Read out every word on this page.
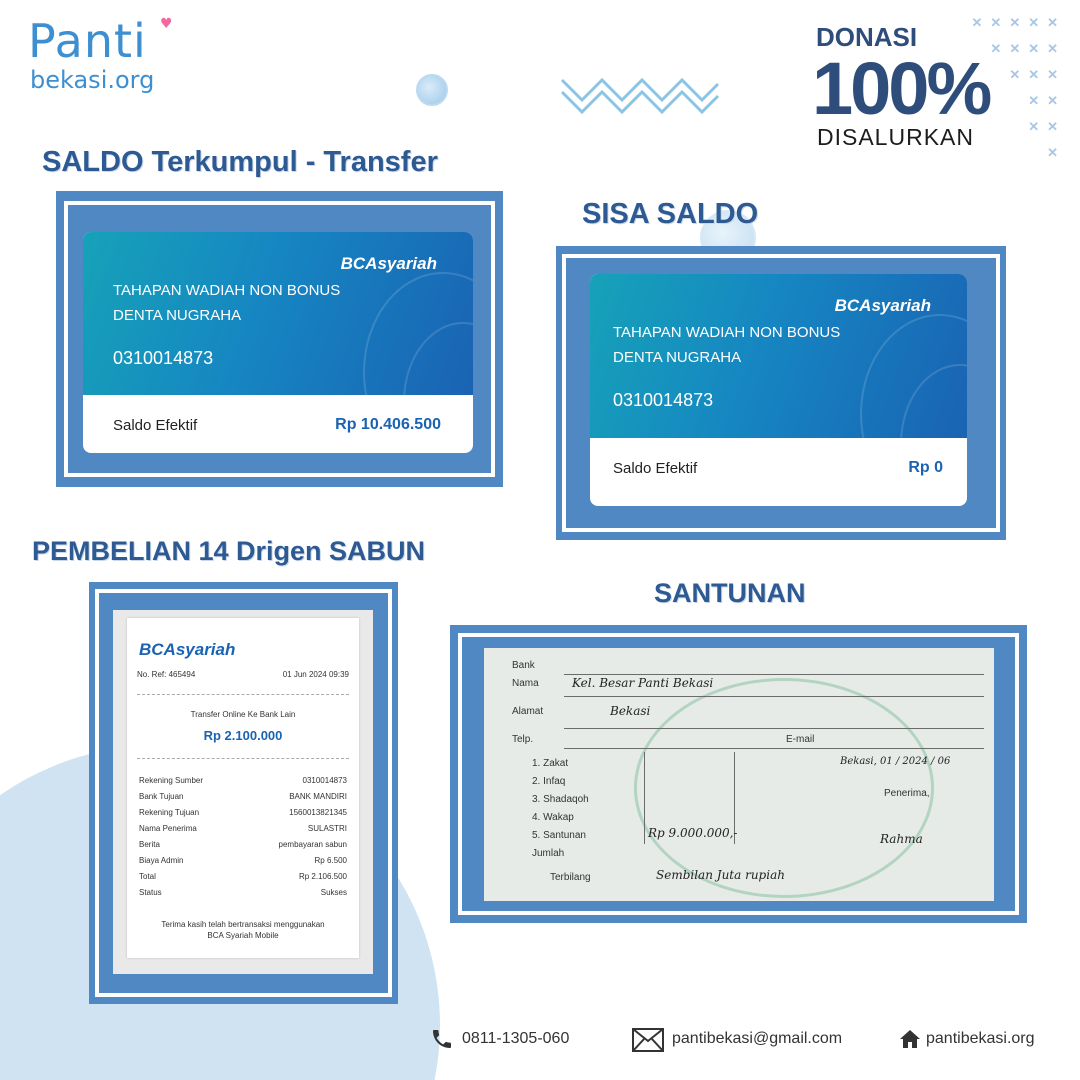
Panti ♥
bekasi.org
DONASI
100%
DISALURKAN
✕✕✕✕✕
✕✕✕✕
✕✕✕
✕✕
✕✕
✕
SALDO Terkumpul - Transfer
BCAsyariah
TAHAPAN WADIAH NON BONUS
DENTA NUGRAHA
0310014873
Saldo Efektif	Rp 10.406.500
SISA SALDO
BCAsyariah
TAHAPAN WADIAH NON BONUS
DENTA NUGRAHA
0310014873
Saldo Efektif	Rp 0
PEMBELIAN 14 Drigen SABUN
BCAsyariah
No. Ref: 465494	01 Jun 2024 09:39
Transfer Online Ke Bank Lain
Rp 2.100.000
Rekening Sumber	0310014873
Bank Tujuan	BANK MANDIRI
Rekening Tujuan	1560013821345
Nama Penerima	SULASTRI
Berita	pembayaran sabun
Biaya Admin	Rp 6.500
Total	Rp 2.106.500
Status	Sukses
Terima kasih telah bertransaksi menggunakan
BCA Syariah Mobile
SANTUNAN
Bank
Nama	Kel. Besar Panti Bekasi
Alamat	Bekasi
Telp.	E-mail
1. Zakat
2. Infaq
3. Shadaqoh
4. Wakap
5. Santunan	Rp 9.000.000,-
Jumlah
Terbilang	Sembilan Juta rupiah
Bekasi, 01 / 2024 / 06
Penerima,
Rahma
0811-1305-060	pantibekasi@gmail.com	pantibekasi.org
